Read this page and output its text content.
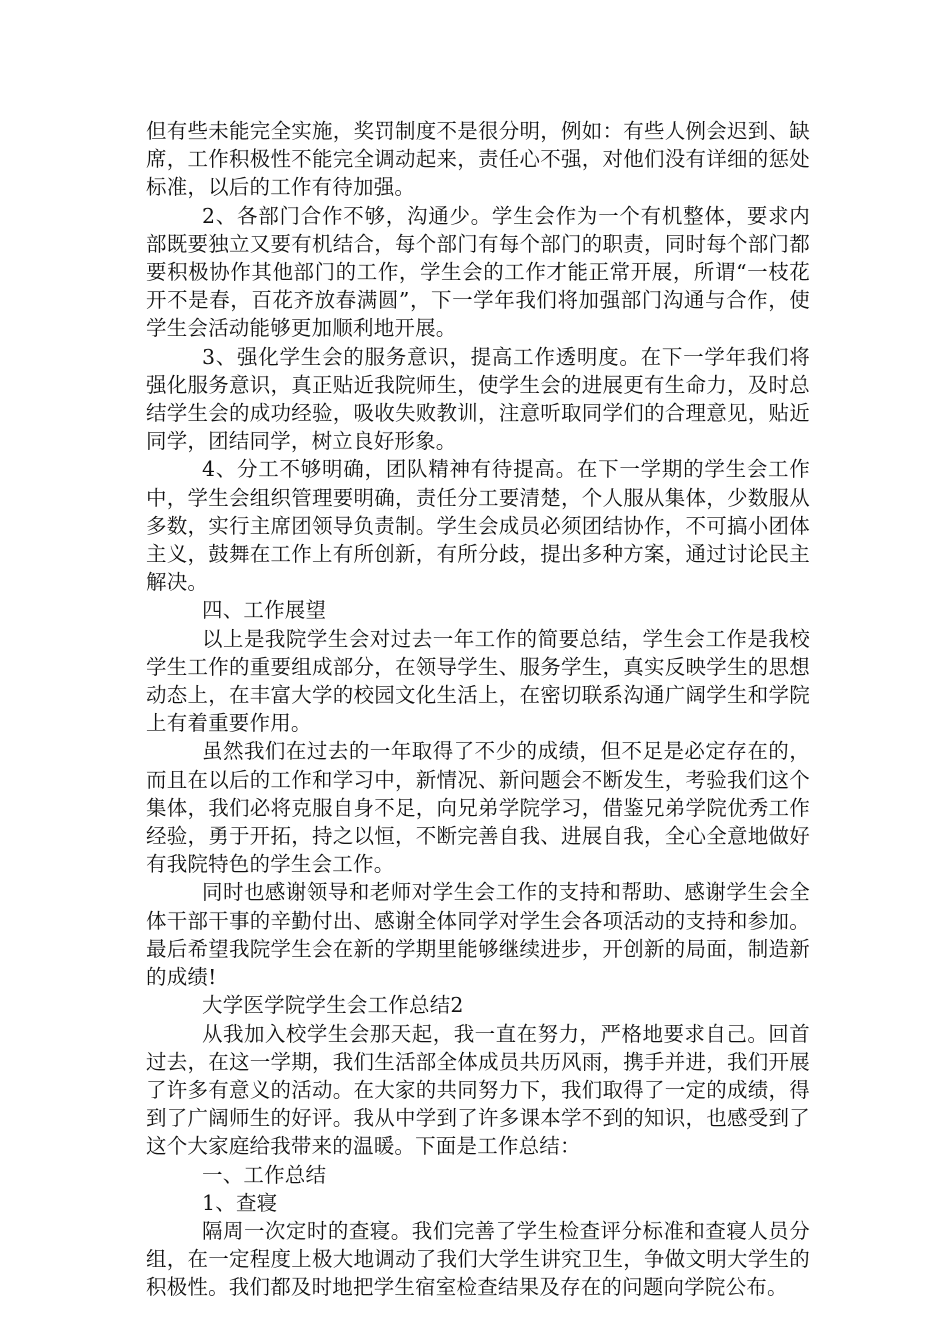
但有些未能完全实施，奖罚制度不是很分明，例如：有些人例会迟到、缺席，工作积极性不能完全调动起来，责任心不强，对他们没有详细的惩处标准，以后的工作有待加强。

2、各部门合作不够，沟通少。学生会作为一个有机整体，要求内部既要独立又要有机结合，每个部门有每个部门的职责，同时每个部门都要积极协作其他部门的工作，学生会的工作才能正常开展，所谓“一枝花开不是春，百花齐放春满圆”，下一学年我们将加强部门沟通与合作，使学生会活动能够更加顺利地开展。

3、强化学生会的服务意识，提高工作透明度。在下一学年我们将强化服务意识，真正贴近我院师生，使学生会的进展更有生命力，及时总结学生会的成功经验，吸收失败教训，注意听取同学们的合理意见，贴近同学，团结同学，树立良好形象。

4、分工不够明确，团队精神有待提高。在下一学期的学生会工作中，学生会组织管理要明确，责任分工要清楚，个人服从集体，少数服从多数，实行主席团领导负责制。学生会成员必须团结协作，不可搞小团体主义，鼓舞在工作上有所创新，有所分歧，提出多种方案，通过讨论民主解决。

四、工作展望

以上是我院学生会对过去一年工作的简要总结，学生会工作是我校学生工作的重要组成部分，在领导学生、服务学生，真实反映学生的思想动态上，在丰富大学的校园文化生活上，在密切联系沟通广阔学生和学院上有着重要作用。

虽然我们在过去的一年取得了不少的成绩，但不足是必定存在的，而且在以后的工作和学习中，新情况、新问题会不断发生，考验我们这个集体，我们必将克服自身不足，向兄弟学院学习，借鉴兄弟学院优秀工作经验，勇于开拓，持之以恒，不断完善自我、进展自我，全心全意地做好有我院特色的学生会工作。

同时也感谢领导和老师对学生会工作的支持和帮助、感谢学生会全体干部干事的辛勤付出、感谢全体同学对学生会各项活动的支持和参加。最后希望我院学生会在新的学期里能够继续进步，开创新的局面，制造新的成绩!

大学医学院学生会工作总结2

从我加入校学生会那天起，我一直在努力，严格地要求自己。回首过去，在这一学期，我们生活部全体成员共历风雨，携手并进，我们开展了许多有意义的活动。在大家的共同努力下，我们取得了一定的成绩，得到了广阔师生的好评。我从中学到了许多课本学不到的知识，也感受到了这个大家庭给我带来的温暖。下面是工作总结：

一、工作总结

1、查寝

隔周一次定时的查寝。我们完善了学生检查评分标准和查寝人员分组，在一定程度上极大地调动了我们大学生讲究卫生，争做文明大学生的积极性。我们都及时地把学生宿室检查结果及存在的问题向学院公布。
